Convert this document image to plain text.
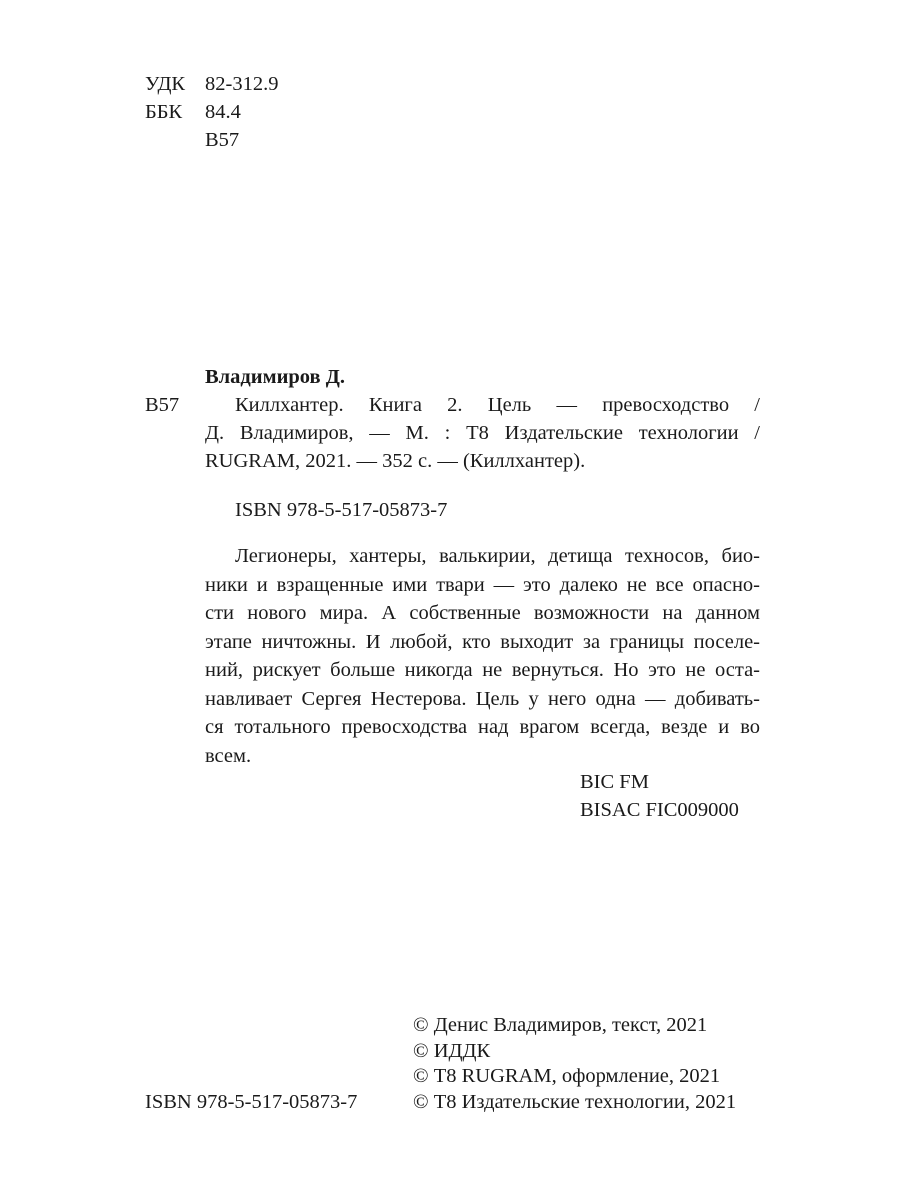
УДК 82-312.9
ББК 84.4
В57
Владимиров Д.
В57	Киллхантер. Книга 2. Цель — превосходство /
Д. Владимиров, — М. : Т8 Издательские технологии /
RUGRAM, 2021. — 352 с. — (Киллхантер).
ISBN 978-5-517-05873-7
Легионеры, хантеры, валькирии, детища техносов, био-
ники и взращенные ими твари — это далеко не все опасно-
сти нового мира. А собственные возможности на данном
этапе ничтожны. И любой, кто выходит за границы поселе-
ний, рискует больше никогда не вернуться. Но это не оста-
навливает Сергея Нестерова. Цель у него одна — добивать-
ся тотального превосходства над врагом всегда, везде и во
всем.
BIC FM
BISAC FIC009000
© Денис Владимиров, текст, 2021
© ИДДК
© Т8 RUGRAM, оформление, 2021
© Т8 Издательские технологии, 2021
ISBN 978-5-517-05873-7
